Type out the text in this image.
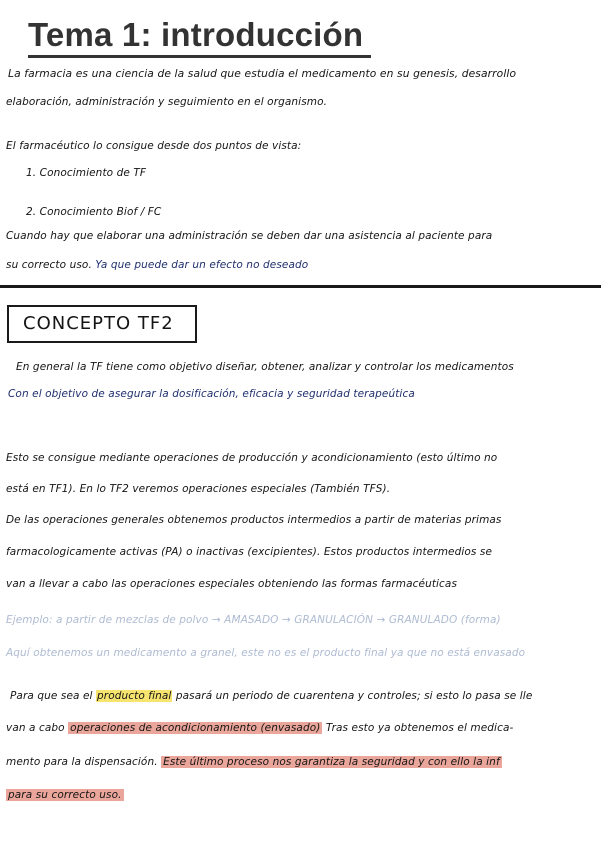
Tema 1: introducción
La farmacia es una ciencia de la salud que estudia el medicamento en su genesis, desarrollo
elaboración, administración y seguimiento en el organismo.
El farmacéutico lo consigue desde dos puntos de vista:
1. Conocimiento de TF
2. Conocimiento Biof / FC
Cuando hay que elaborar una administración se deben dar una asistencia al paciente para
su correcto uso. Ya que puede dar un efecto no deseado
CONCEPTO TF2
En general la TF tiene como objetivo diseñar, obtener, analizar y controlar los medicamentos
Con el objetivo de asegurar la dosificación, eficacia y seguridad terapeútica
Esto se consigue mediante operaciones de producción y acondicionamiento (esto último no
está en TF1). En lo TF2 veremos operaciones especiales (También TFS).
De las operaciones generales obtenemos productos intermedios a partir de materias primas
farmacologicamente activas (PA) o inactivas (excipientes). Estos productos intermedios se
van a llevar a cabo las operaciones especiales obteniendo las formas farmacéuticas
Ejemplo: a partir de mezclas de polvo → AMASADO → GRANULACIÓN → GRANULADO (forma)
Aquí obtenemos un medicamento a granel, este no es el producto final ya que no está envasado
Para que sea el producto final pasará un periodo de cuarentena y controles; si esto lo pasa se lle
van a cabo operaciones de acondicionamiento (envasado) Tras esto ya obtenemos el medica-
mento para la dispensación. Este último proceso nos garantiza la seguridad y con ello la inf
para su correcto uso.
